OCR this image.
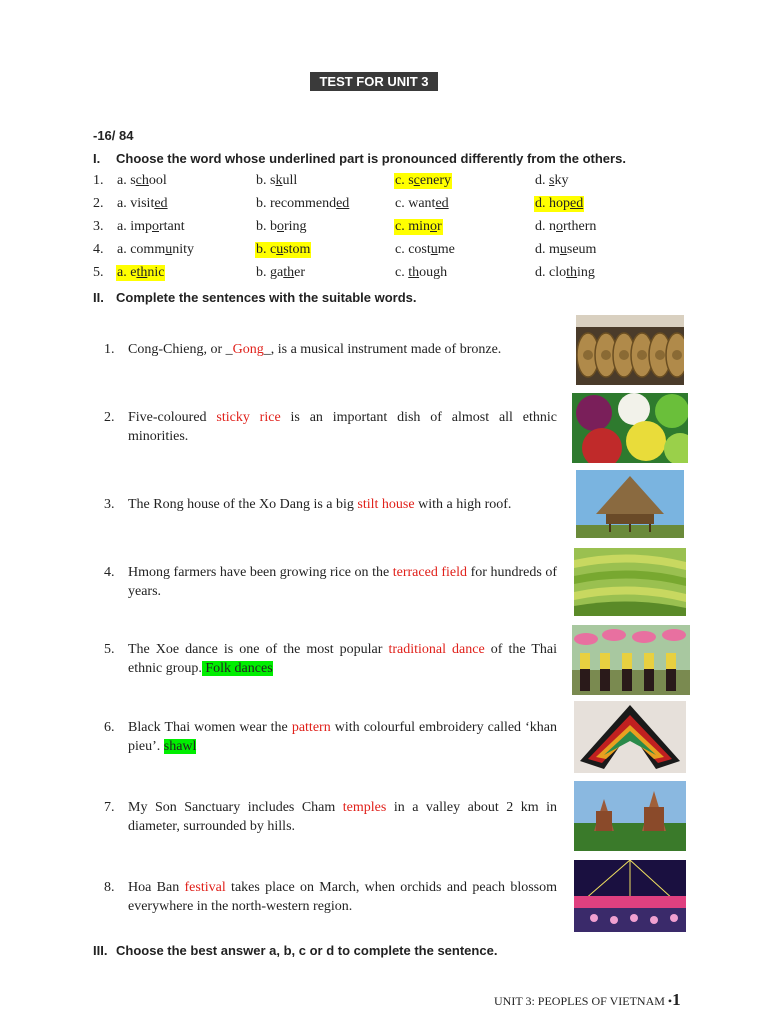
TEST FOR UNIT 3
-16/ 84
I. Choose the word whose underlined part is pronounced differently from the others.
1. a. school	b. skull	c. scenery	d. sky
2. a. visited	b. recommended	c. wanted	d. hoped
3. a. important	b. boring	c. minor	d. northern
4. a. community	b. custom	c. costume	d. museum
5. a. ethnic	b. gather	c. though	d. clothing
II. Complete the sentences with the suitable words.
1. Cong-Chieng, or _Gong_, is a musical instrument made of bronze.
2. Five-coloured sticky rice is an important dish of almost all ethnic minorities.
3. The Rong house of the Xo Dang is a big stilt house with a high roof.
4. Hmong farmers have been growing rice on the terraced field for hundreds of years.
5. The Xoe dance is one of the most popular traditional dance of the Thai ethnic group. Folk dances
6. Black Thai women wear the pattern with colourful embroidery called ‘khan pieu’. shawl
7. My Son Sanctuary includes Cham temples in a valley about 2 km in diameter, surrounded by hills.
8. Hoa Ban festival takes place on March, when orchids and peach blossom everywhere in the north-western region.
III. Choose the best answer a, b, c or d to complete the sentence.
UNIT 3: PEOPLES OF VIETNAM •1
